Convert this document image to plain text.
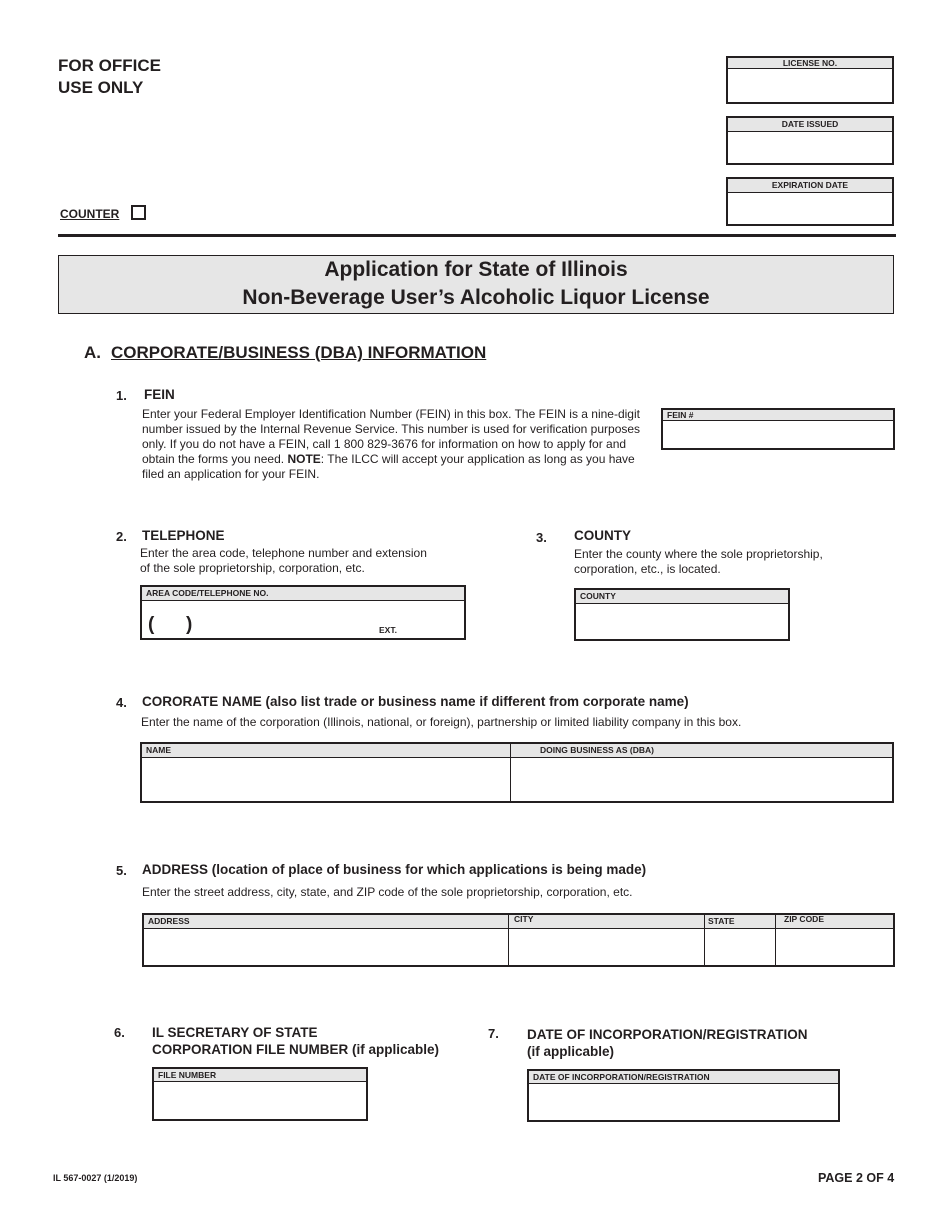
FOR OFFICE
USE ONLY
COUNTER
LICENSE NO.
DATE ISSUED
EXPIRATION DATE
Application for State of Illinois
Non-Beverage User’s Alcoholic Liquor License
A. CORPORATE/BUSINESS (DBA) INFORMATION
1. FEIN
Enter your Federal Employer Identification Number (FEIN) in this box. The FEIN is a nine-digit
number issued by the Internal Revenue Service. This number is used for verification purposes
only. If you do not have a FEIN, call 1 800 829-3676 for information on how to apply for and
obtain the forms you need. NOTE: The ILCC will accept your application as long as you have
filed an application for your FEIN.
FEIN #
2. TELEPHONE
Enter the area code, telephone number and extension
of the sole proprietorship, corporation, etc.
AREA CODE/TELEPHONE NO.
(      )	EXT.
3. COUNTY
Enter the county where the sole proprietorship,
corporation, etc., is located.
COUNTY
4. CORORATE NAME (also list trade or business name if different from corporate name)
Enter the name of the corporation (Illinois, national, or foreign), partnership or limited liability company in this box.
NAME	DOING BUSINESS AS (DBA)
5. ADDRESS (location of place of business for which applications is being made)
Enter the street address, city, state, and ZIP code of the sole proprietorship, corporation, etc.
ADDRESS	CITY	STATE	ZIP CODE
6. IL SECRETARY OF STATE
CORPORATION FILE NUMBER (if applicable)
FILE NUMBER
7. DATE OF INCORPORATION/REGISTRATION
(if applicable)
DATE OF INCORPORATION/REGISTRATION
IL 567-0027 (1/2019)	PAGE 2 OF 4
